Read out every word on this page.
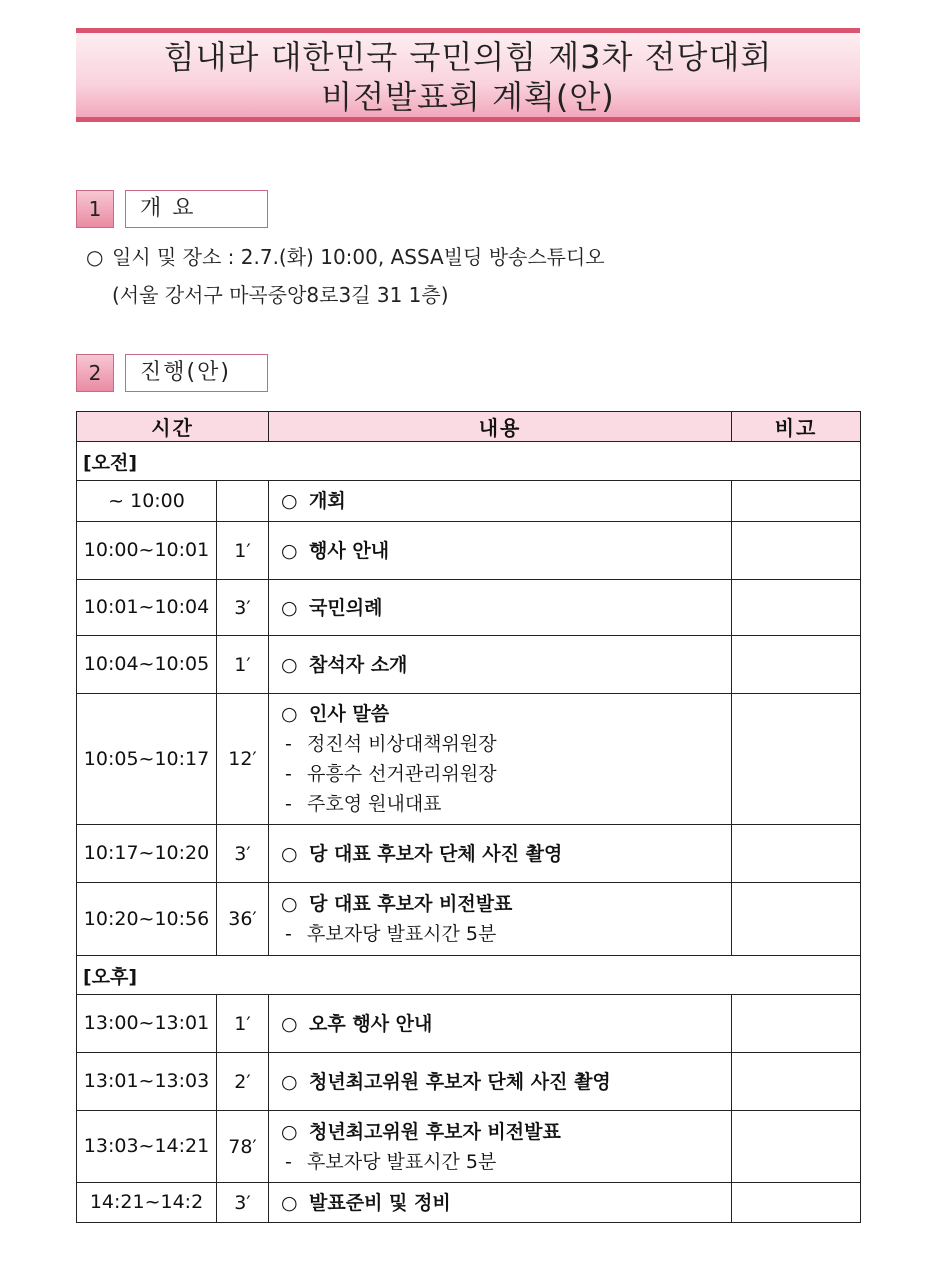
힘내라 대한민국 국민의힘 제3차 전당대회
비전발표회 계획(안)
1	개 요
○ 일시 및 장소 : 2.7.(화) 10:00, ASSA빌딩 방송스튜디오
(서울 강서구 마곡중앙8로3길 31 1층)
2	진행(안)
시간		내용	비고
[오전]			
~ 10:00		○ 개회	

10:00~10:01	1′	○ 행사 안내	

10:01~10:04	3′	○ 국민의례	

10:04~10:05	1′	○ 참석자 소개	

10:05~10:17	12′	○ 인사 말씀
- 정진석 비상대책위원장
- 유흥수 선거관리위원장
- 주호영 원내대표	

10:17~10:20	3′	○ 당 대표 후보자 단체 사진 촬영	

10:20~10:56	36′	○ 당 대표 후보자 비전발표
- 후보자당 발표시간 5분	

[오후]			
13:00~13:01	1′	○ 오후 행사 안내	

13:01~13:03	2′	○ 청년최고위원 후보자 단체 사진 촬영	

13:03~14:21	78′	○ 청년최고위원 후보자 비전발표
- 후보자당 발표시간 5분	

14:21~14:2	3′	○ 발표준비 및 정비	
